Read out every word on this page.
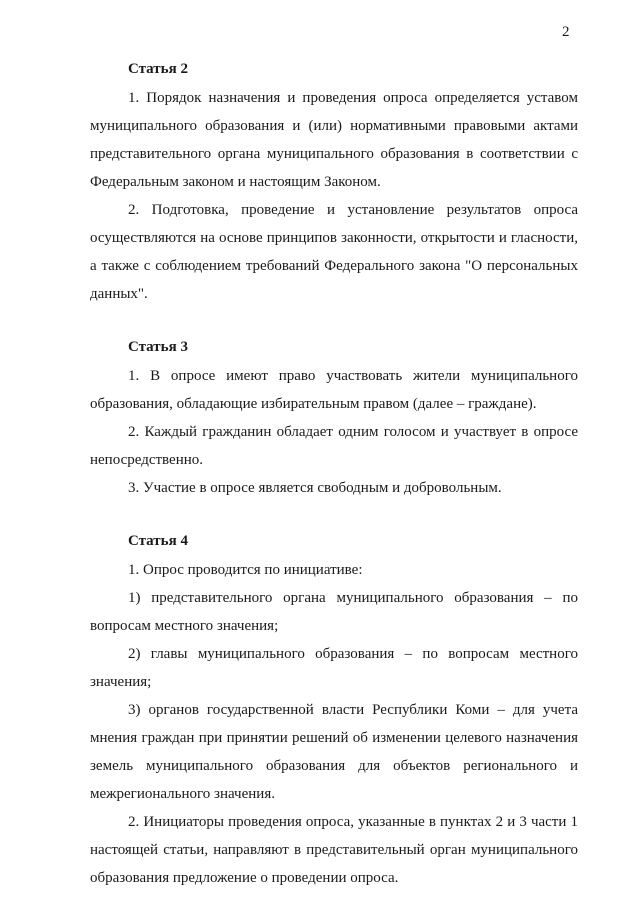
2

Статья 2

1. Порядок назначения и проведения опроса определяется уставом муниципального образования и (или) нормативными правовыми актами представительного органа муниципального образования в соответствии с Федеральным законом и настоящим Законом.

2. Подготовка, проведение и установление результатов опроса осуществляются на основе принципов законности, открытости и гласности, а также с соблюдением требований Федерального закона "О персональных данных".

Статья 3

1. В опросе имеют право участвовать жители муниципального образования, обладающие избирательным правом (далее – граждане).

2. Каждый гражданин обладает одним голосом и участвует в опросе непосредственно.

3. Участие в опросе является свободным и добровольным.

Статья 4

1. Опрос проводится по инициативе:

1) представительного органа муниципального образования – по вопросам местного значения;

2) главы муниципального образования – по вопросам местного значения;

3) органов государственной власти Республики Коми – для учета мнения граждан при принятии решений об изменении целевого назначения земель муниципального образования для объектов регионального и межрегионального значения.

2. Инициаторы проведения опроса, указанные в пунктах 2 и 3 части 1 настоящей статьи, направляют в представительный орган муниципального образования предложение о проведении опроса.
